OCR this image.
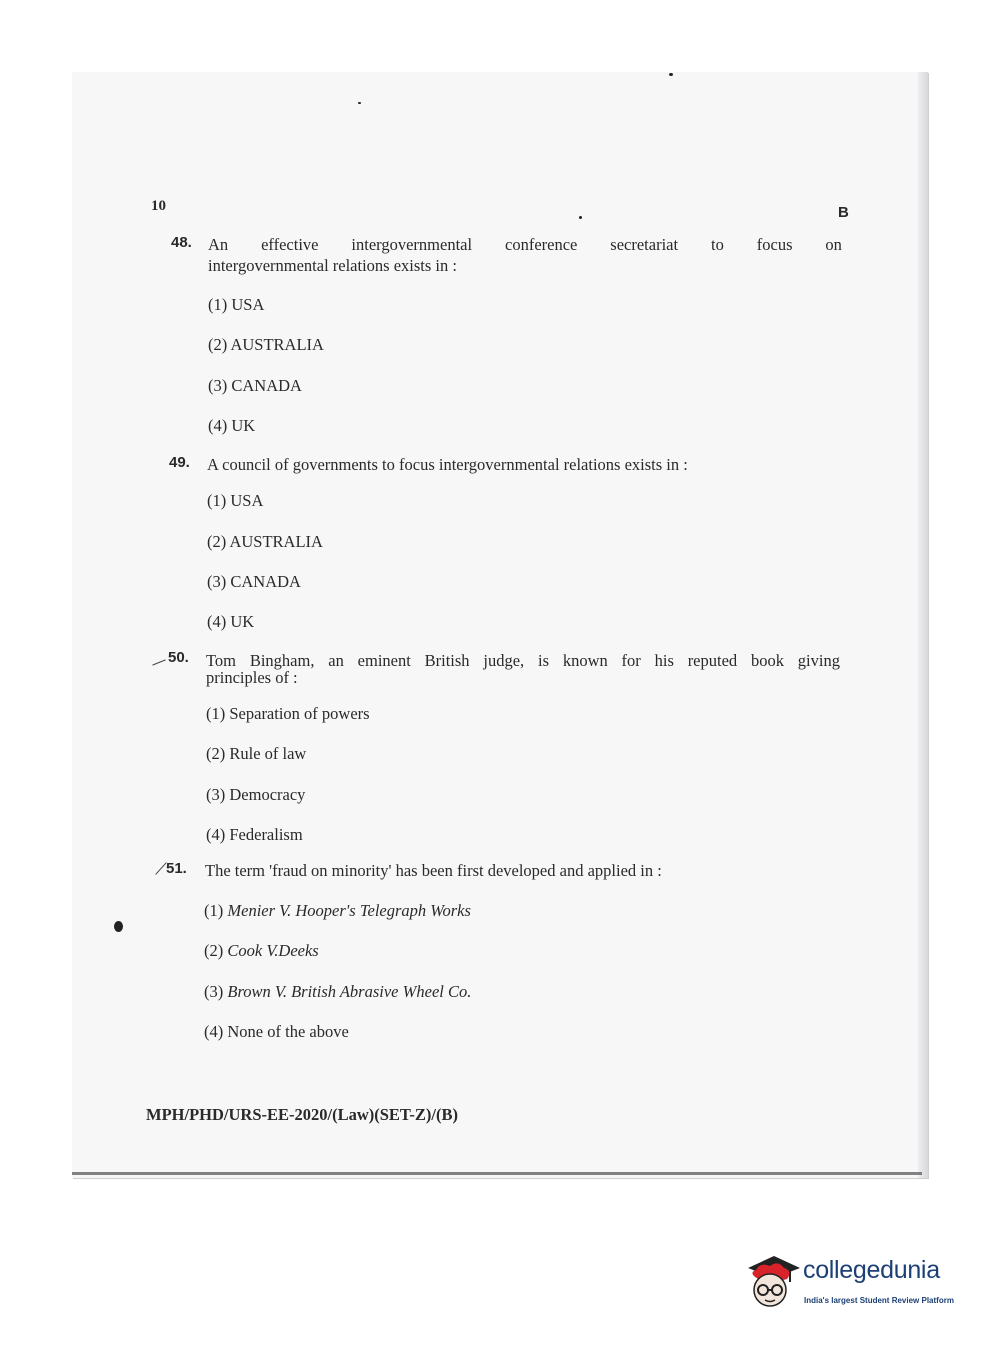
10	B
48. An effective intergovernmental conference secretariat to focus on
intergovernmental relations exists in :
(1) USA
(2) AUSTRALIA
(3) CANADA
(4) UK
49. A council of governments to focus intergovernmental relations exists in :
(1) USA
(2) AUSTRALIA
(3) CANADA
(4) UK
50. Tom Bingham, an eminent British judge, is known for his reputed book giving
principles of :
(1) Separation of powers
(2) Rule of law
(3) Democracy
(4) Federalism
51. The term 'fraud on minority' has been first developed and applied in :
(1) Menier V. Hooper's Telegraph Works
(2) Cook V.Deeks
(3) Brown V. British Abrasive Wheel Co.
(4) None of the above
MPH/PHD/URS-EE-2020/(Law)(SET-Z)/(B)
collegedunia
India's largest Student Review Platform
